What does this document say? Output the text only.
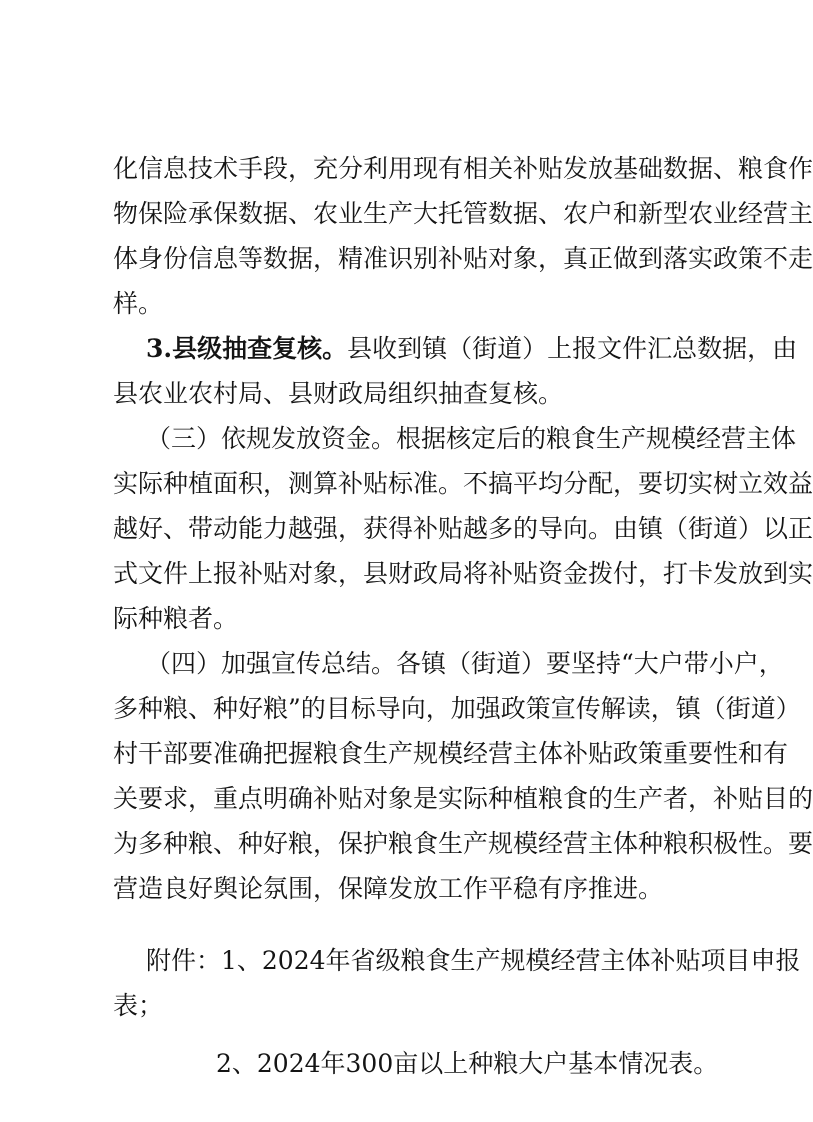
化信息技术手段，充分利用现有相关补贴发放基础数据、粮食作
物保险承保数据、农业生产大托管数据、农户和新型农业经营主
体身份信息等数据，精准识别补贴对象，真正做到落实政策不走
样。
3.县级抽查复核。县收到镇（街道）上报文件汇总数据，由
县农业农村局、县财政局组织抽查复核。
（三）依规发放资金。根据核定后的粮食生产规模经营主体
实际种植面积，测算补贴标准。不搞平均分配，要切实树立效益
越好、带动能力越强，获得补贴越多的导向。由镇（街道）以正
式文件上报补贴对象，县财政局将补贴资金拨付，打卡发放到实
际种粮者。
（四）加强宣传总结。各镇（街道）要坚持“大户带小户，
多种粮、种好粮”的目标导向，加强政策宣传解读，镇（街道）
村干部要准确把握粮食生产规模经营主体补贴政策重要性和有
关要求，重点明确补贴对象是实际种植粮食的生产者，补贴目的
为多种粮、种好粮，保护粮食生产规模经营主体种粮积极性。要
营造良好舆论氛围，保障发放工作平稳有序推进。
附件：1、2024年省级粮食生产规模经营主体补贴项目申报
表；
2、2024年300亩以上种粮大户基本情况表。
